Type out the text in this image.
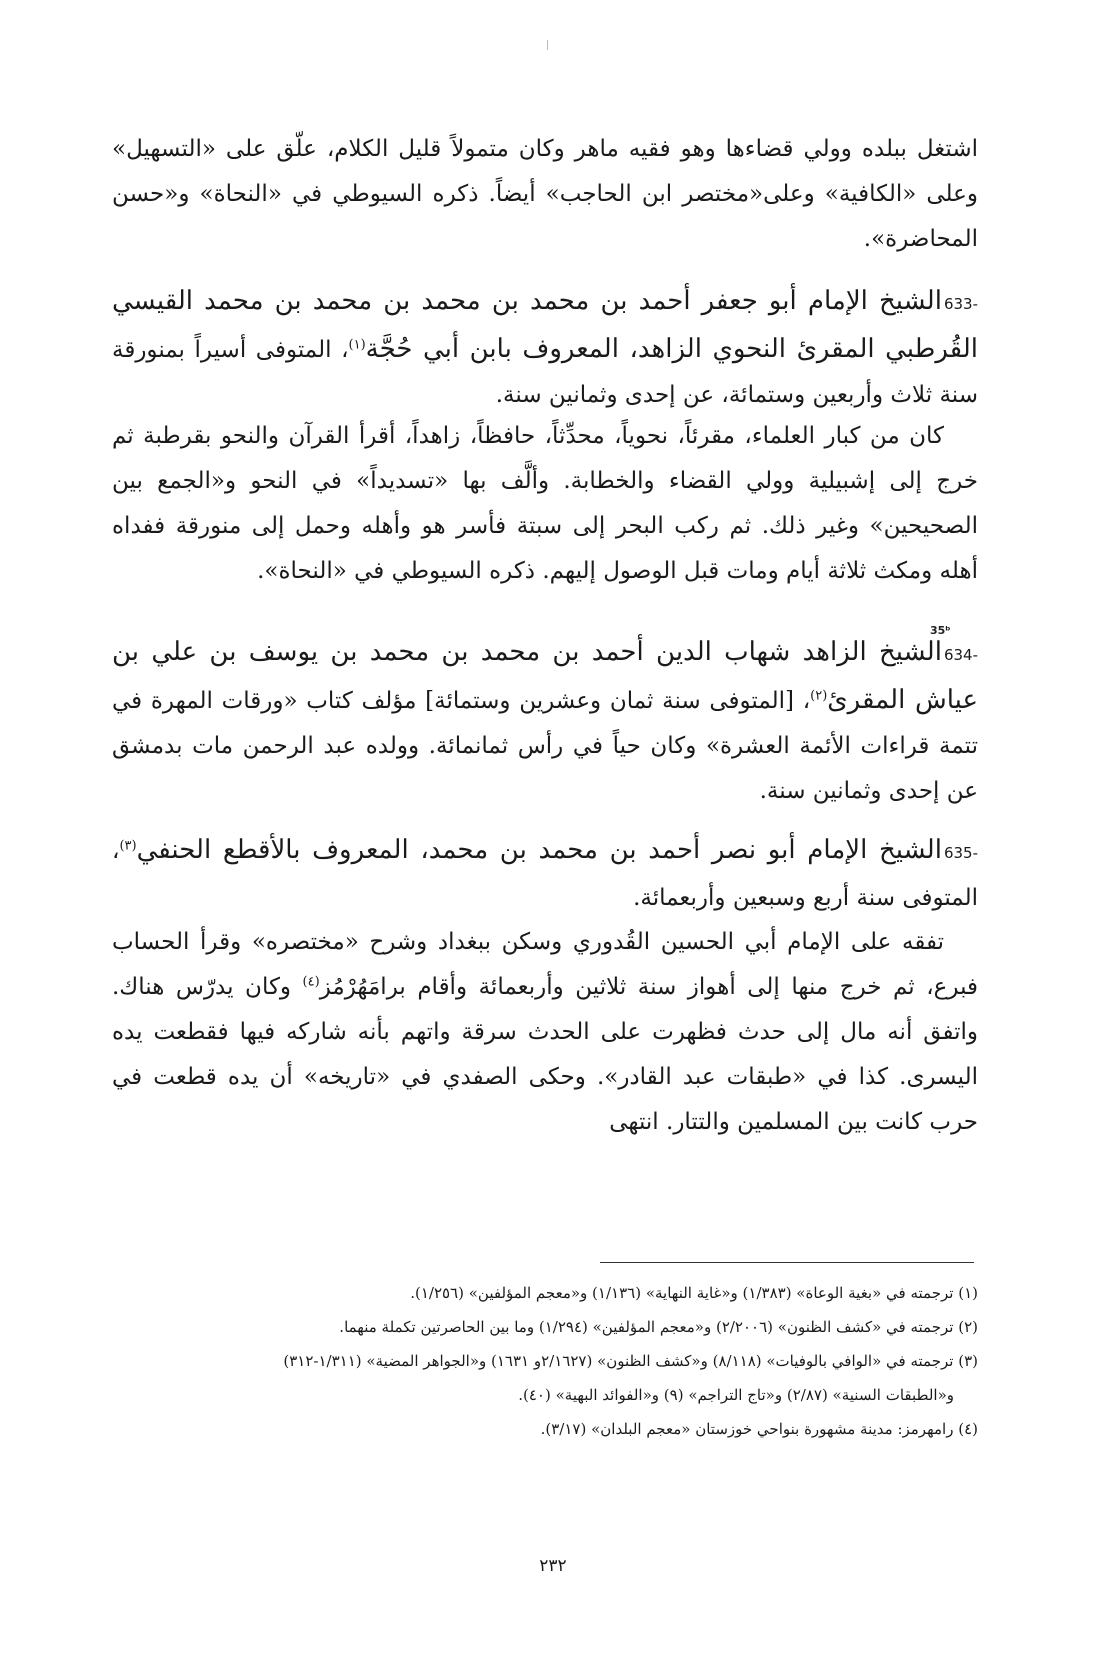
اشتغل ببلده وولي قضاءها وهو فقيه ماهر وكان متمولاً قليل الكلام، علّق على «التسهيل» وعلى «الكافية» وعلى«مختصر ابن الحاجب» أيضاً. ذكره السيوطي في «النحاة» و«حسن المحاضرة».
633-الشيخ الإمام أبو جعفر أحمد بن محمد بن محمد بن محمد بن محمد القيسي القُرطبي المقرئ النحوي الزاهد، المعروف بابن أبي حُجَّة$^{(١)}$، المتوفى أسيراً بمنورقة سنة ثلاث وأربعين وستمائة، عن إحدى وثمانين سنة.
كان من كبار العلماء، مقرئاً، نحوياً، محدِّثاً، حافظاً، زاهداً، أقرأ القرآن والنحو بقرطبة ثم خرج إلى إشبيلية وولي القضاء والخطابة. وألَّف بها «تسديداً» في النحو و«الجمع بين الصحيحين» وغير ذلك. ثم ركب البحر إلى سبتة فأسر هو وأهله وحمل إلى منورقة ففداه أهله ومكث ثلاثة أيام ومات قبل الوصول إليهم. ذكره السيوطي في «النحاة».
35ᵇ
634-الشيخ الزاهد شهاب الدين أحمد بن محمد بن محمد بن يوسف بن علي بن عياش المقرئ$^{(٢)}$، [المتوفى سنة ثمان وعشرين وستمائة] مؤلف كتاب «ورقات المهرة في تتمة قراءات الأئمة العشرة» وكان حياً في رأس ثمانمائة. وولده عبد الرحمن مات بدمشق عن إحدى وثمانين سنة.
635-الشيخ الإمام أبو نصر أحمد بن محمد بن محمد، المعروف بالأقطع الحنفي$^{(٣)}$، المتوفى سنة أربع وسبعين وأربعمائة.
تفقه على الإمام أبي الحسين القُدوري وسكن ببغداد وشرح «مختصره» وقرأ الحساب فبرع، ثم خرج منها إلى أهواز سنة ثلاثين وأربعمائة وأقام برامَهُرْمُز$^{(٤)}$ وكان يدرّس هناك. واتفق أنه مال إلى حدث فظهرت على الحدث سرقة واتهم بأنه شاركه فيها فقطعت يده اليسرى. كذا في «طبقات عبد القادر». وحكى الصفدي في «تاريخه» أن يده قطعت في حرب كانت بين المسلمين والتتار. انتهى
(١) ترجمته في «بغية الوعاة» (١/٣٨٣) و«غاية النهاية» (١/١٣٦) و«معجم المؤلفين» (١/٢٥٦).
(٢) ترجمته في «كشف الظنون» (٢/٢٠٠٦) و«معجم المؤلفين» (١/٢٩٤) وما بين الحاصرتين تكملة منهما.
(٣) ترجمته في «الوافي بالوفيات» (٨/١١٨) و«كشف الظنون» (٢/١٦٢٧و ١٦٣١) و«الجواهر المضية» (١/٣١١-٣١٢)
و«الطبقات السنية» (٢/٨٧) و«تاج التراجم» (٩) و«الفوائد البهية» (٤٠).
(٤) رامهرمز: مدينة مشهورة بنواحي خوزستان «معجم البلدان» (٣/١٧).
٢٣٢
